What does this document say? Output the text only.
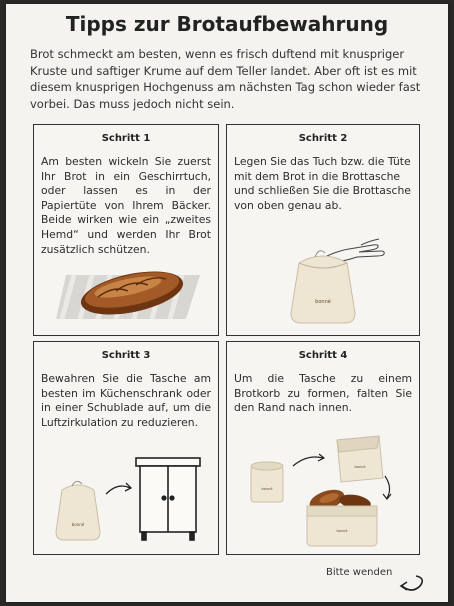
Tipps zur Brotaufbewahrung
Brot schmeckt am besten, wenn es frisch duftend mit knuspriger Kruste und saftiger Krume auf dem Teller landet. Aber oft ist es mit diesem knusprigen Hochgenuss am nächsten Tag schon wieder fast vorbei. Das muss jedoch nicht sein.
Schritt 1

Am besten wickeln Sie zuerst Ihr Brot in ein Geschirrtuch, oder lassen es in der Papiertüte von Ihrem Bäcker. Beide wirken wie ein „zweites Hemd“ und werden Ihr Brot zusätzlich schützen.

Schritt 2

Legen Sie das Tuch bzw. die Tüte mit dem Brot in die Brottasche und schließen Sie die Brottasche von oben genau ab.

bonné
Schritt 3

Bewahren Sie die Tasche am besten im Küchenschrank oder in einer Schublade auf, um die Luftzirkulation zu reduzieren.

bonné
Schritt 4

Um die Tasche zu einem Brotkorb zu formen, falten Sie den Rand nach innen.

bonné
bonné
bonné
Bitte wenden
